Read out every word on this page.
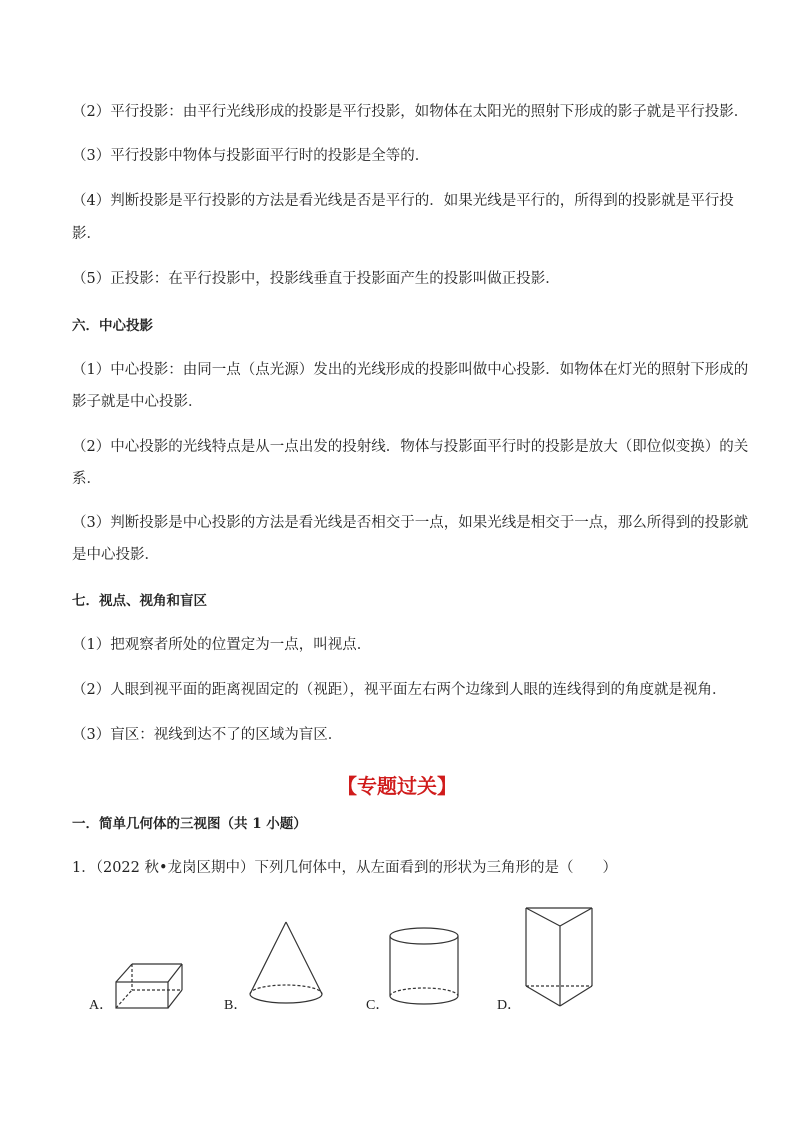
（2）平行投影：由平行光线形成的投影是平行投影，如物体在太阳光的照射下形成的影子就是平行投影．
（3）平行投影中物体与投影面平行时的投影是全等的．
（4）判断投影是平行投影的方法是看光线是否是平行的．如果光线是平行的，所得到的投影就是平行投
影．
（5）正投影：在平行投影中，投影线垂直于投影面产生的投影叫做正投影．
六．中心投影
（1）中心投影：由同一点（点光源）发出的光线形成的投影叫做中心投影．如物体在灯光的照射下形成的
影子就是中心投影．
（2）中心投影的光线特点是从一点出发的投射线．物体与投影面平行时的投影是放大（即位似变换）的关
系．
（3）判断投影是中心投影的方法是看光线是否相交于一点，如果光线是相交于一点，那么所得到的投影就
是中心投影．
七．视点、视角和盲区
（1）把观察者所处的位置定为一点，叫视点．
（2）人眼到视平面的距离视固定的（视距），视平面左右两个边缘到人眼的连线得到的角度就是视角．
（3）盲区：视线到达不了的区域为盲区．
【专题过关】
一．简单几何体的三视图（共 1 小题）
1．（2022 秋•龙岗区期中）下列几何体中，从左面看到的形状为三角形的是（　　）
A．	B．	C．	D．
